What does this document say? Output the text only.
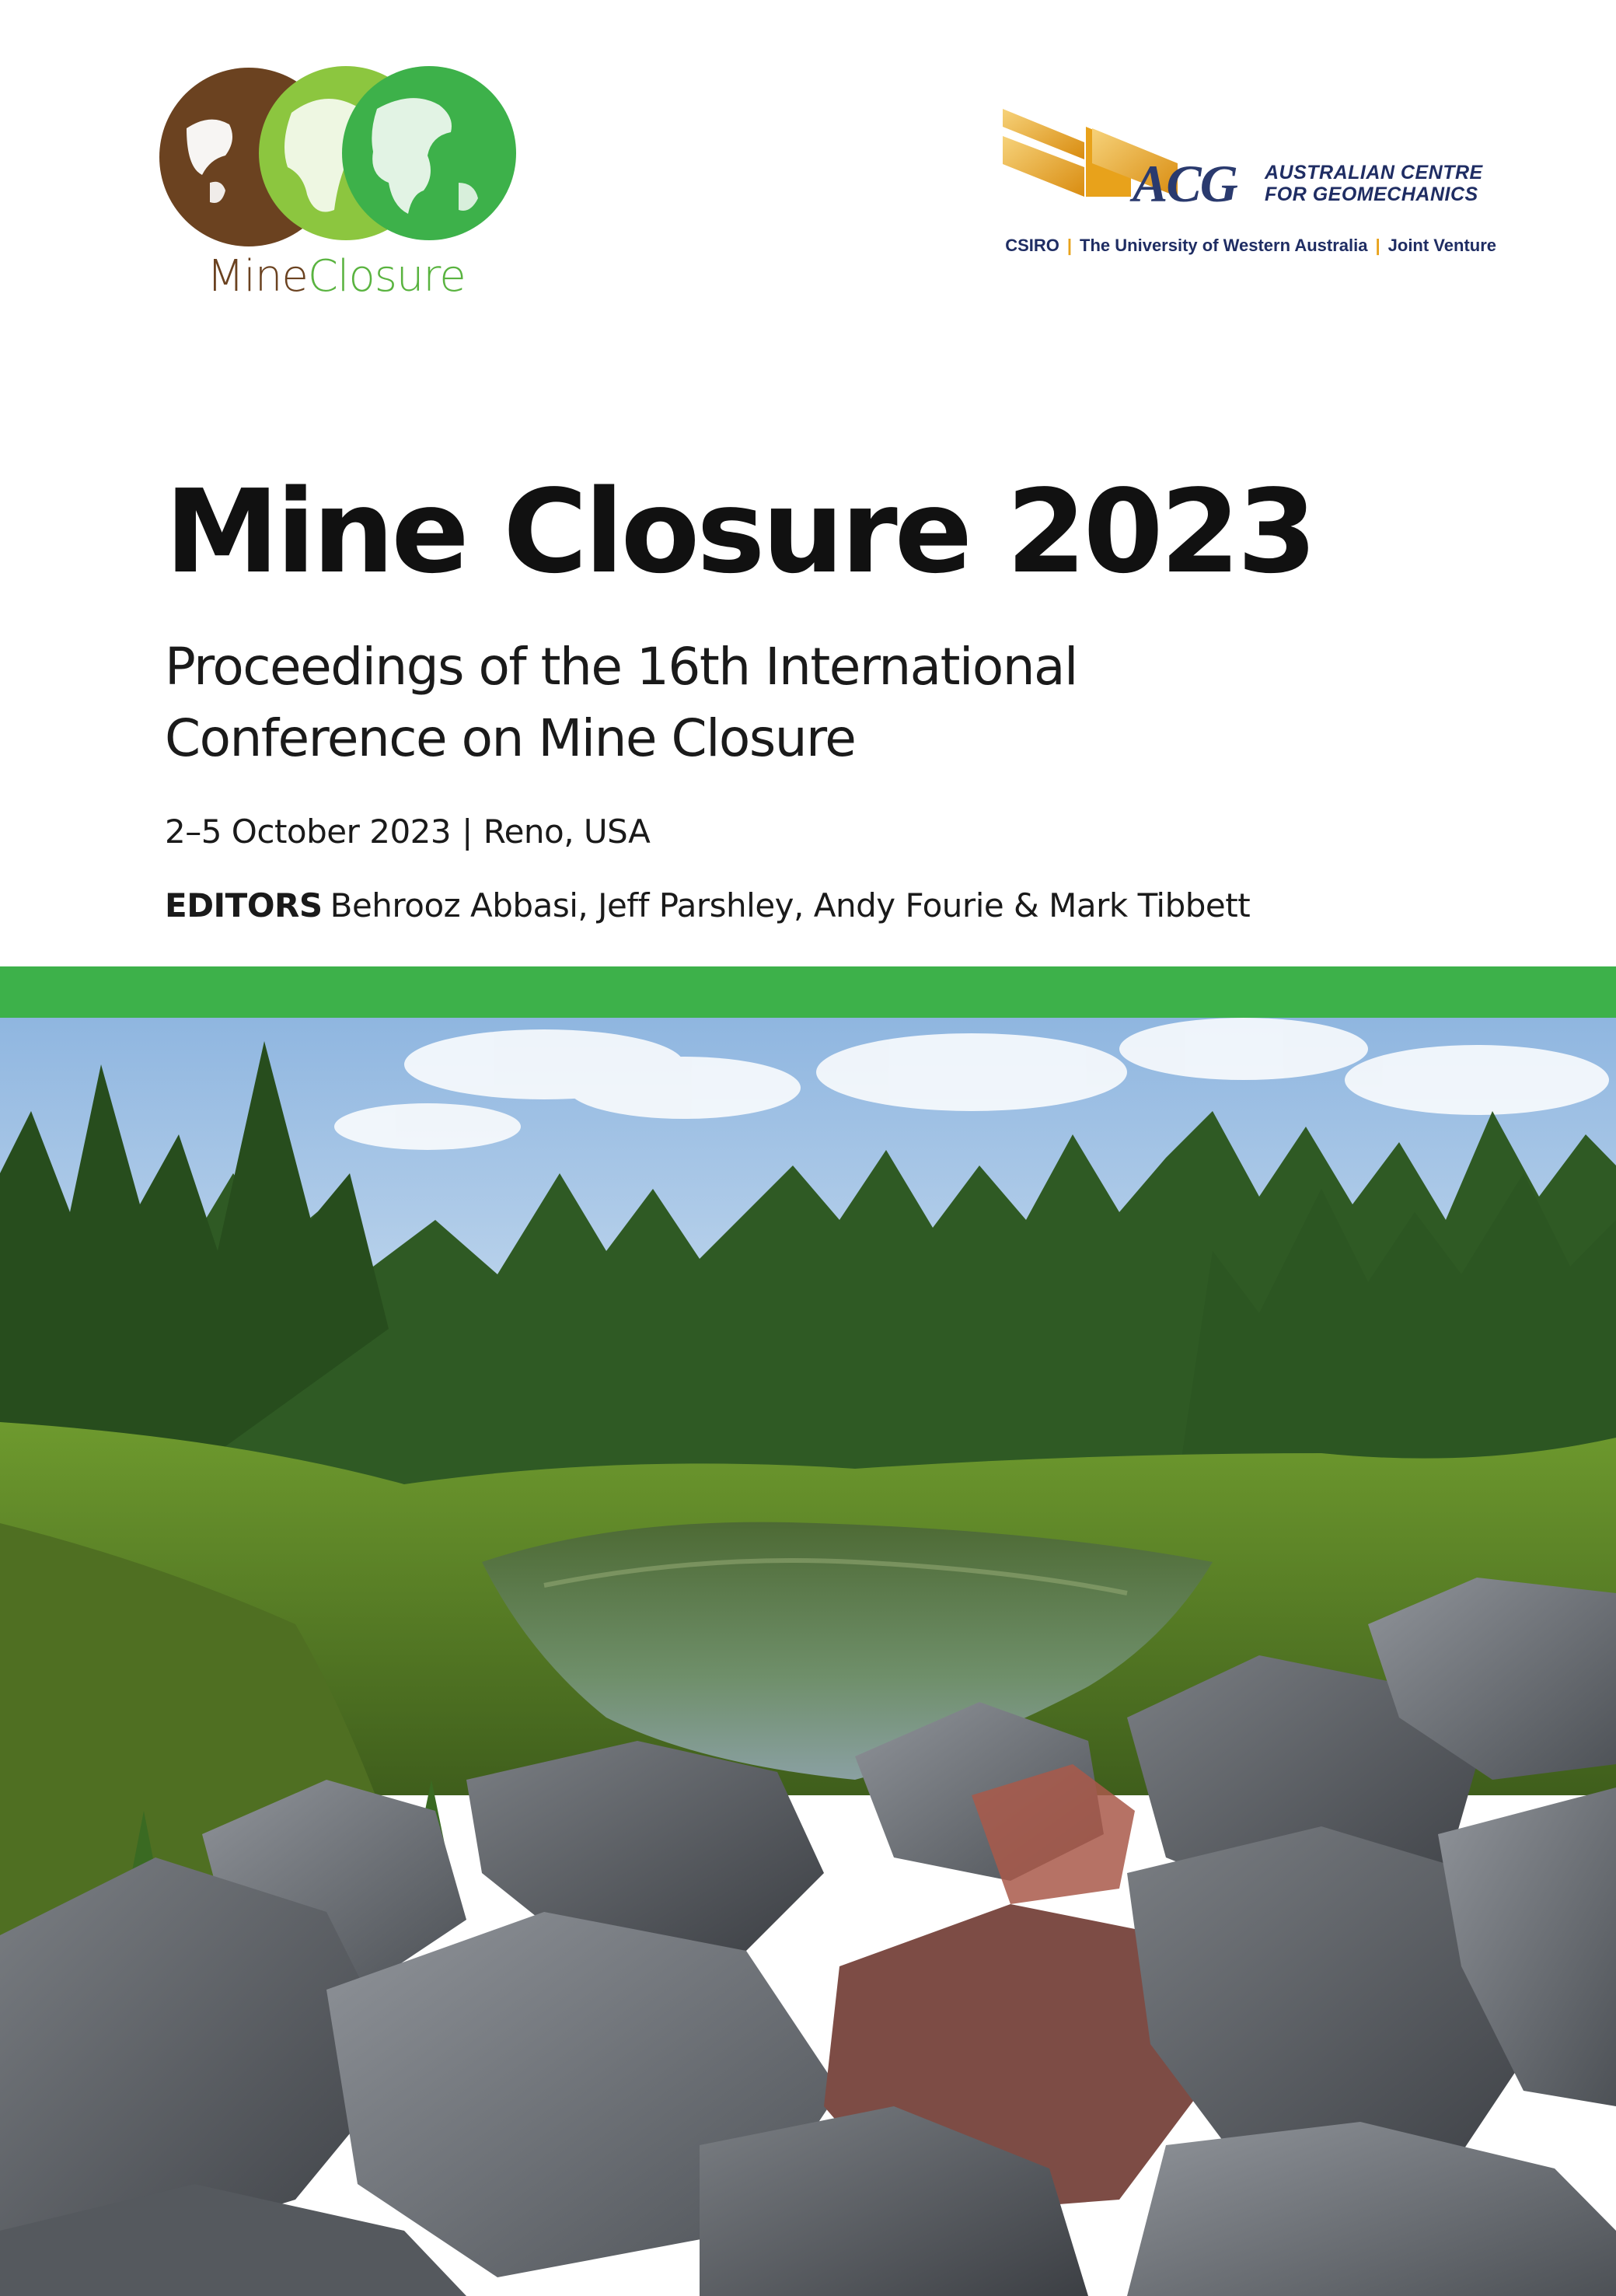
MineClosure
ACG AUSTRALIAN CENTRE
FOR GEOMECHANICS
CSIRO | The University of Western Australia | Joint Venture
Mine Closure 2023
Proceedings of the 16th International
Conference on Mine Closure
2–5 October 2023 | Reno, USA
EDITORS Behrooz Abbasi, Jeff Parshley, Andy Fourie & Mark Tibbett
